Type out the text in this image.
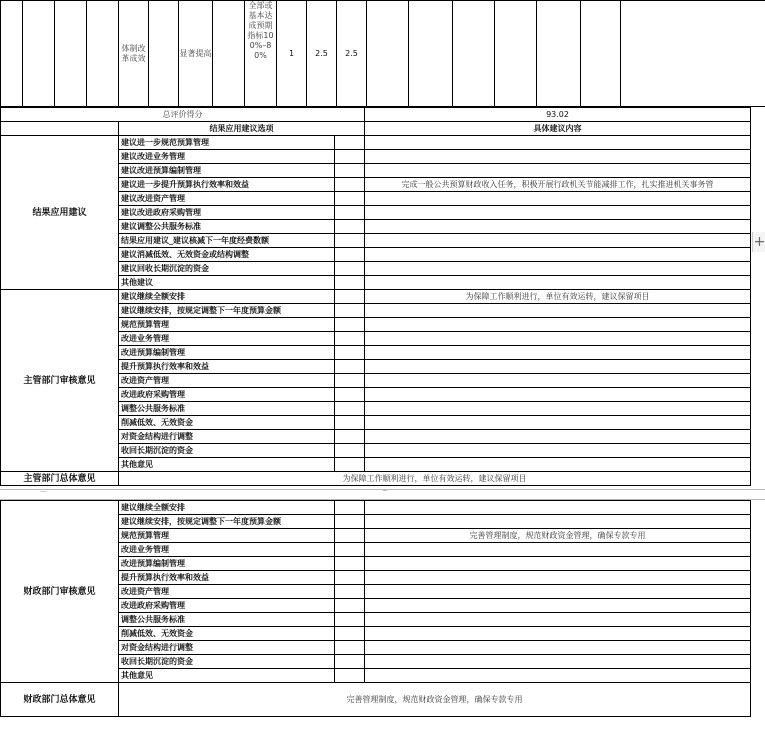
				体制改革成效		显著提高		全部或基本达成预期指标100%–80%	1	2.5	2.5							
总评价得分			93.02
	结果应用建议选项		具体建议内容
结果应用建议	建议进一步规范预算管理		
	建议改进业务管理		
	建议改进预算编制管理		
	建议进一步提升预算执行效率和效益		完成一般公共预算财政收入任务，积极开展行政机关节能减排工作，扎实推进机关事务管
	建议改进资产管理		
	建议改进政府采购管理		
	建议调整公共服务标准		
	结果应用建议_建议核减下一年度经费数额		
	建议消减低效、无效资金或结构调整		
	建议回收长期沉淀的资金		
	其他建议		
主管部门审核意见	建议继续全额安排		为保障工作顺利进行，单位有效运转，建议保留项目
	建议继续安排，按规定调整下一年度预算金额		
	规范预算管理		
	改进业务管理		
	改进预算编制管理		
	提升预算执行效率和效益		
	改进资产管理		
	改进政府采购管理		
	调整公共服务标准		
	削减低效、无效资金		
	对资金结构进行调整		
	收回长期沉淀的资金		
	其他意见		
主管部门总体意见	为保障工作顺利进行，单位有效运转，建议保留项目		
—	~
财政部门审核意见	建议继续全额安排		
	建议继续安排，按规定调整下一年度预算金额		
	规范预算管理		完善管理制度，规范财政资金管理，确保专款专用
	改进业务管理		
	改进预算编制管理		
	提升预算执行效率和效益		
	改进资产管理		
	改进政府采购管理		
	调整公共服务标准		
	削减低效、无效资金		
	对资金结构进行调整		
	收回长期沉淀的资金		
	其他意见		
财政部门总体意见	完善管理制度，规范财政资金管理，确保专款专用		
+
